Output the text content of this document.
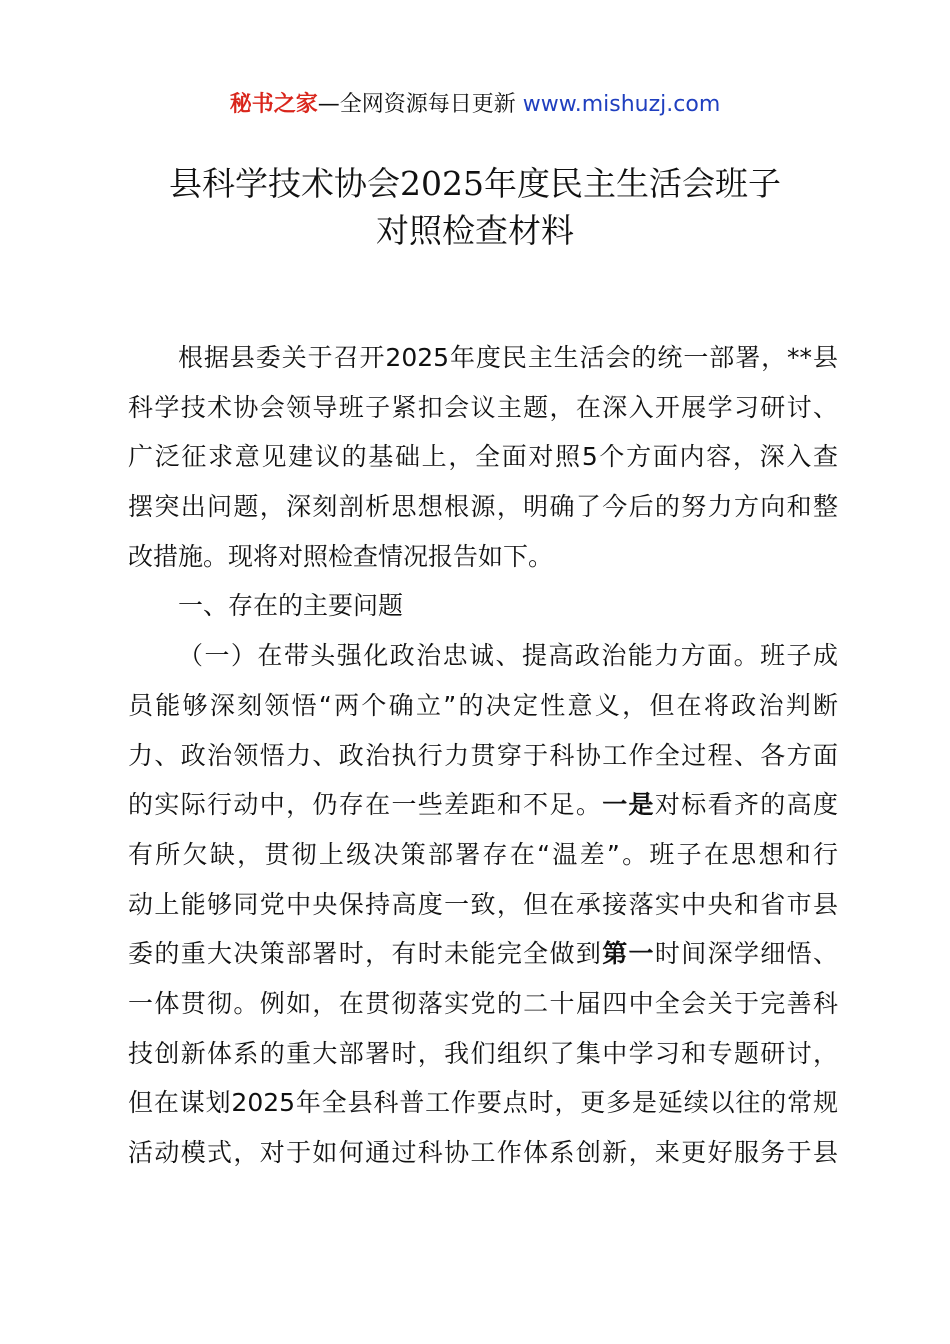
秘书之家—全网资源每日更新 www.mishuzj.com
县科学技术协会2025年度民主生活会班子
对照检查材料
根据县委关于召开2025年度民主生活会的统一部署，**县
科学技术协会领导班子紧扣会议主题，在深入开展学习研讨、
广泛征求意见建议的基础上，全面对照5个方面内容，深入查
摆突出问题，深刻剖析思想根源，明确了今后的努力方向和整
改措施。现将对照检查情况报告如下。
一、存在的主要问题
（一）在带头强化政治忠诚、提高政治能力方面。班子成
员能够深刻领悟“两个确立”的决定性意义，但在将政治判断
力、政治领悟力、政治执行力贯穿于科协工作全过程、各方面
的实际行动中，仍存在一些差距和不足。一是对标看齐的高度
有所欠缺，贯彻上级决策部署存在“温差”。班子在思想和行
动上能够同党中央保持高度一致，但在承接落实中央和省市县
委的重大决策部署时，有时未能完全做到第一时间深学细悟、
一体贯彻。例如，在贯彻落实党的二十届四中全会关于完善科
技创新体系的重大部署时，我们组织了集中学习和专题研讨，
但在谋划2025年全县科普工作要点时，更多是延续以往的常规
活动模式，对于如何通过科协工作体系创新，来更好服务于县
